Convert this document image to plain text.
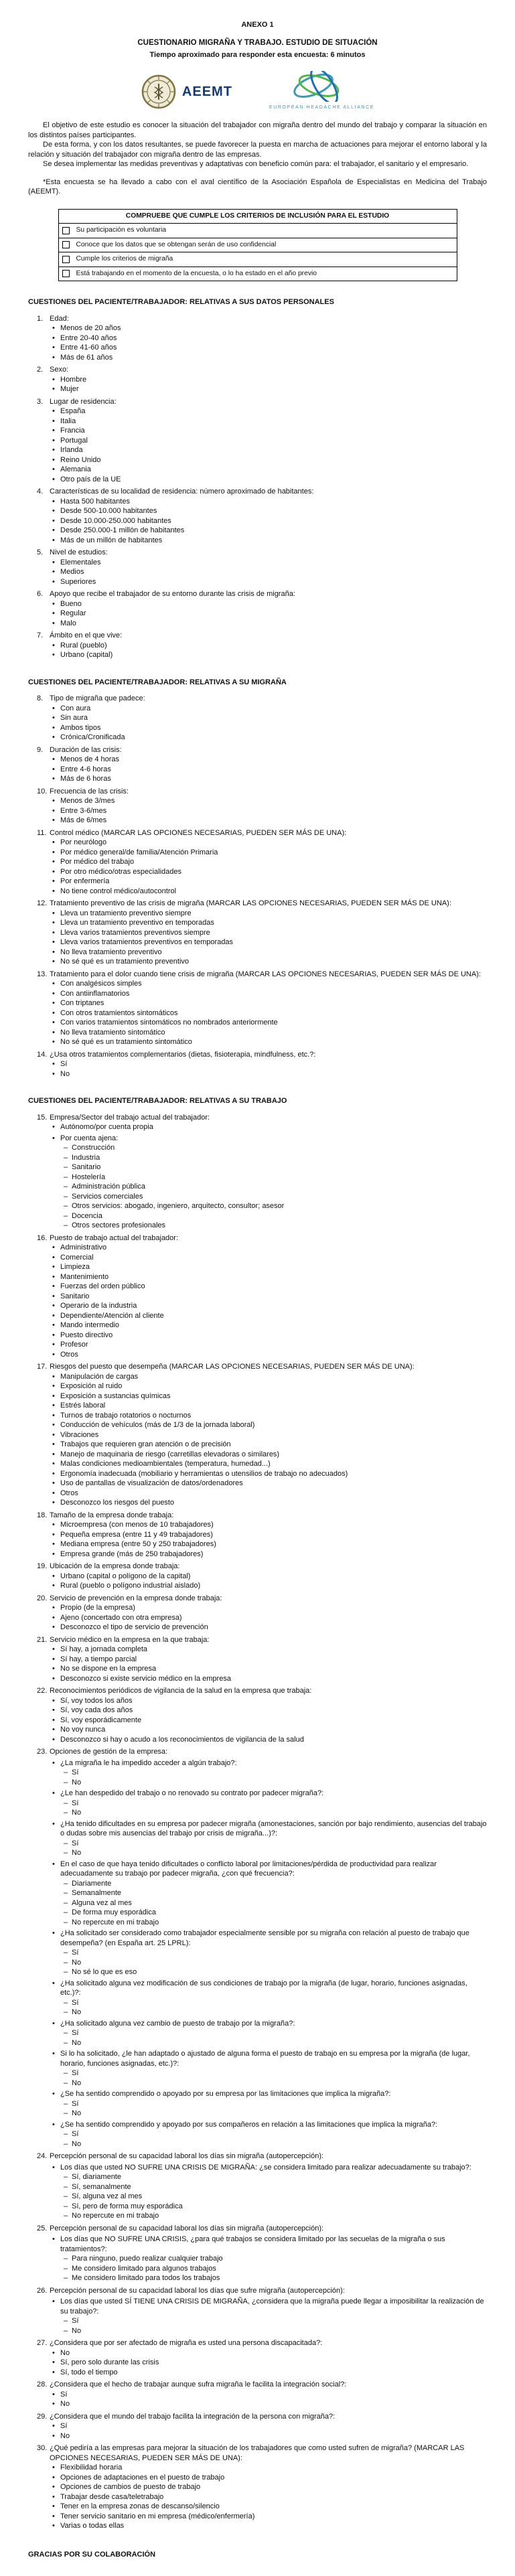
ANEXO 1
CUESTIONARIO MIGRAÑA Y TRABAJO. ESTUDIO DE SITUACIÓN
Tiempo aproximado para responder esta encuesta: 6 minutos
AEEMT
EUROPEAN HEADACHE ALLIANCE

El objetivo de este estudio es conocer la situación del trabajador con migraña dentro del mundo del trabajo y comparar la situación en los distintos países participantes.

De esta forma, y con los datos resultantes, se puede favorecer la puesta en marcha de actuaciones para mejorar el entorno laboral y la relación y situación del trabajador con migraña dentro de las empresas.

Se desea implementar las medidas preventivas y adaptativas con beneficio común para: el trabajador, el sanitario y el empresario.

*Esta encuesta se ha llevado a cabo con el aval científico de la Asociación Española de Especialistas en Medicina del Trabajo (AEEMT).

COMPRUEBE QUE CUMPLE LOS CRITERIOS DE INCLUSIÓN PARA EL ESTUDIO
Su participación es voluntaria
Conoce que los datos que se obtengan serán de uso confidencial
Cumple los criterios de migraña
Está trabajando en el momento de la encuesta, o lo ha estado en el año previo
CUESTIONES DEL PACIENTE/TRABAJADOR: RELATIVAS A SUS DATOS PERSONALES
1. Edad:
•
Menos de 20 años
•
Entre 20-40 años
•
Entre 41-60 años
•
Más de 61 años
2. Sexo:
•
Hombre
•
Mujer
3. Lugar de residencia:
•
España
•
Italia
•
Francia
•
Portugal
•
Irlanda
•
Reino Unido
•
Alemania
•
Otro país de la UE
4. Características de su localidad de residencia: número aproximado de habitantes:
•
Hasta 500 habitantes
•
Desde 500-10.000 habitantes
•
Desde 10.000-250.000 habitantes
•
Desde 250.000-1 millón de habitantes
•
Más de un millón de habitantes
5. Nivel de estudios:
•
Elementales
•
Medios
•
Superiores
6. Apoyo que recibe el trabajador de su entorno durante las crisis de migraña:
•
Bueno
•
Regular
•
Malo
7. Ámbito en el que vive:
•
Rural (pueblo)
•
Urbano (capital)
CUESTIONES DEL PACIENTE/TRABAJADOR: RELATIVAS A SU MIGRAÑA
8. Tipo de migraña que padece:
•
Con aura
•
Sin aura
•
Ambos tipos
•
Crónica/Cronificada
9. Duración de las crisis:
•
Menos de 4 horas
•
Entre 4-6 horas
•
Más de 6 horas
10. Frecuencia de las crisis:
•
Menos de 3/mes
•
Entre 3-6/mes
•
Más de 6/mes
11. Control médico (MARCAR LAS OPCIONES NECESARIAS, PUEDEN SER MÁS DE UNA):
•
Por neurólogo
•
Por médico general/de familia/Atención Primaria
•
Por médico del trabajo
•
Por otro médico/otras especialidades
•
Por enfermería
•
No tiene control médico/autocontrol
12. Tratamiento preventivo de las crisis de migraña (MARCAR LAS OPCIONES NECESARIAS, PUEDEN SER MÁS DE UNA):
•
Lleva un tratamiento preventivo siempre
•
Lleva un tratamiento preventivo en temporadas
•
Lleva varios tratamientos preventivos siempre
•
Lleva varios tratamientos preventivos en temporadas
•
No lleva tratamiento preventivo
•
No sé qué es un tratamiento preventivo
13. Tratamiento para el dolor cuando tiene crisis de migraña (MARCAR LAS OPCIONES NECESARIAS, PUEDEN SER MÁS DE UNA):
•
Con analgésicos simples
•
Con antiinflamatorios
•
Con triptanes
•
Con otros tratamientos sintomáticos
•
Con varios tratamientos sintomáticos no nombrados anteriormente
•
No lleva tratamiento sintomático
•
No sé qué es un tratamiento sintomático
14. ¿Usa otros tratamientos complementarios (dietas, fisioterapia, mindfulness, etc.?:
•
Sí
•
No
CUESTIONES DEL PACIENTE/TRABAJADOR: RELATIVAS A SU TRABAJO
15. Empresa/Sector del trabajo actual del trabajador:
•
Autónomo/por cuenta propia
•
Por cuenta ajena:
–
Construcción
–
Industria
–
Sanitario
–
Hostelería
–
Administración pública
–
Servicios comerciales
–
Otros servicios: abogado, ingeniero, arquitecto, consultor; asesor
–
Docencia
–
Otros sectores profesionales
16. Puesto de trabajo actual del trabajador:
•
Administrativo
•
Comercial
•
Limpieza
•
Mantenimiento
•
Fuerzas del orden público
•
Sanitario
•
Operario de la industria
•
Dependiente/Atención al cliente
•
Mando intermedio
•
Puesto directivo
•
Profesor
•
Otros
17. Riesgos del puesto que desempeña (MARCAR LAS OPCIONES NECESARIAS, PUEDEN SER MÁS DE UNA):
•
Manipulación de cargas
•
Exposición al ruido
•
Exposición a sustancias químicas
•
Estrés laboral
•
Turnos de trabajo rotatorios o nocturnos
•
Conducción de vehículos (más de 1/3 de la jornada laboral)
•
Vibraciones
•
Trabajos que requieren gran atención o de precisión
•
Manejo de maquinaria de riesgo (carretillas elevadoras o similares)
•
Malas condiciones medioambientales (temperatura, humedad...)
•
Ergonomía inadecuada (mobiliario y herramientas o utensilios de trabajo no adecuados)
•
Uso de pantallas de visualización de datos/ordenadores
•
Otros
•
Desconozco los riesgos del puesto
18. Tamaño de la empresa donde trabaja:
•
Microempresa (con menos de 10 trabajadores)
•
Pequeña empresa (entre 11 y 49 trabajadores)
•
Mediana empresa (entre 50 y 250 trabajadores)
•
Empresa grande (más de 250 trabajadores)
19. Ubicación de la empresa donde trabaja:
•
Urbano (capital o polígono de la capital)
•
Rural (pueblo o polígono industrial aislado)
20. Servicio de prevención en la empresa donde trabaja:
•
Propio (de la empresa)
•
Ajeno (concertado con otra empresa)
•
Desconozco el tipo de servicio de prevención
21. Servicio médico en la empresa en la que trabaja:
•
Sí hay, a jornada completa
•
Sí hay, a tiempo parcial
•
No se dispone en la empresa
•
Desconozco si existe servicio médico en la empresa
22. Reconocimientos periódicos de vigilancia de la salud en la empresa que trabaja:
•
Sí, voy todos los años
•
Sí, voy cada dos años
•
Sí, voy esporádicamente
•
No voy nunca
•
Desconozco si hay o acudo a los reconocimientos de vigilancia de la salud
23. Opciones de gestión de la empresa:
•
¿La migraña le ha impedido acceder a algún trabajo?:
–
Sí
–
No
•
¿Le han despedido del trabajo o no renovado su contrato por padecer migraña?:
–
Sí
–
No
•
¿Ha tenido dificultades en su empresa por padecer migraña (amonestaciones, sanción por bajo rendimiento, ausencias del trabajo o dudas sobre mis ausencias del trabajo por crisis de migraña...)?:
–
Sí
–
No
•
En el caso de que haya tenido dificultades o conflicto laboral por limitaciones/pérdida de productividad para realizar adecuadamente su trabajo por padecer migraña, ¿con qué frecuencia?:
–
Diariamente
–
Semanalmente
–
Alguna vez al mes
–
De forma muy esporádica
–
No repercute en mi trabajo
•
¿Ha solicitado ser considerado como trabajador especialmente sensible por su migraña con relación al puesto de trabajo que desempeña? (en España art. 25 LPRL):
–
Sí
–
No
–
No sé lo que es eso
•
¿Ha solicitado alguna vez modificación de sus condiciones de trabajo por la migraña (de lugar, horario, funciones asignadas, etc.)?:
–
Sí
–
No
•
¿Ha solicitado alguna vez cambio de puesto de trabajo por la migraña?:
–
Sí
–
No
•
Si lo ha solicitado, ¿le han adaptado o ajustado de alguna forma el puesto de trabajo en su empresa por la migraña (de lugar, horario, funciones asignadas, etc.)?:
–
Sí
–
No
•
¿Se ha sentido comprendido o apoyado por su empresa por las limitaciones que implica la migraña?:
–
Sí
–
No
•
¿Se ha sentido comprendido y apoyado por sus compañeros en relación a las limitaciones que implica la migraña?:
–
Sí
–
No
24. Percepción personal de su capacidad laboral los días sin migraña (autopercepción):
•
Los días que usted NO SUFRE UNA CRISIS DE MIGRAÑA: ¿se considera limitado para realizar adecuadamente su trabajo?:
–
Sí, diariamente
–
Sí, semanalmente
–
Sí, alguna vez al mes
–
Sí, pero de forma muy esporádica
–
No repercute en mi trabajo
25. Percepción personal de su capacidad laboral los días sin migraña (autopercepción):
•
Los días que NO SUFRE UNA CRISIS, ¿para qué trabajos se considera limitado por las secuelas de la migraña o sus tratamientos?:
–
Para ninguno, puedo realizar cualquier trabajo
–
Me considero limitado para algunos trabajos
–
Me considero limitado para todos los trabajos
26. Percepción personal de su capacidad laboral los días que sufre migraña (autopercepción):
•
Los días que usted SÍ TIENE UNA CRISIS DE MIGRAÑA, ¿considera que la migraña puede llegar a imposibilitar la realización de su trabajo?:
–
Sí
–
No
27. ¿Considera que por ser afectado de migraña es usted una persona discapacitada?:
•
No
•
Sí, pero solo durante las crisis
•
Sí, todo el tiempo
28. ¿Considera que el hecho de trabajar aunque sufra migraña le facilita la integración social?:
•
Sí
•
No
29. ¿Considera que el mundo del trabajo facilita la integración de la persona con migraña?:
•
Sí
•
No
30. ¿Qué pediría a las empresas para mejorar la situación de los trabajadores que como usted sufren de migraña? (MARCAR LAS OPCIONES NECESARIAS, PUEDEN SER MÁS DE UNA):
•
Flexibilidad horaria
•
Opciones de adaptaciones en el puesto de trabajo
•
Opciones de cambios de puesto de trabajo
•
Trabajar desde casa/teletrabajo
•
Tener en la empresa zonas de descanso/silencio
•
Tener servicio sanitario en mi empresa (médico/enfermería)
•
Varias o todas ellas
GRACIAS POR SU COLABORACIÓN
